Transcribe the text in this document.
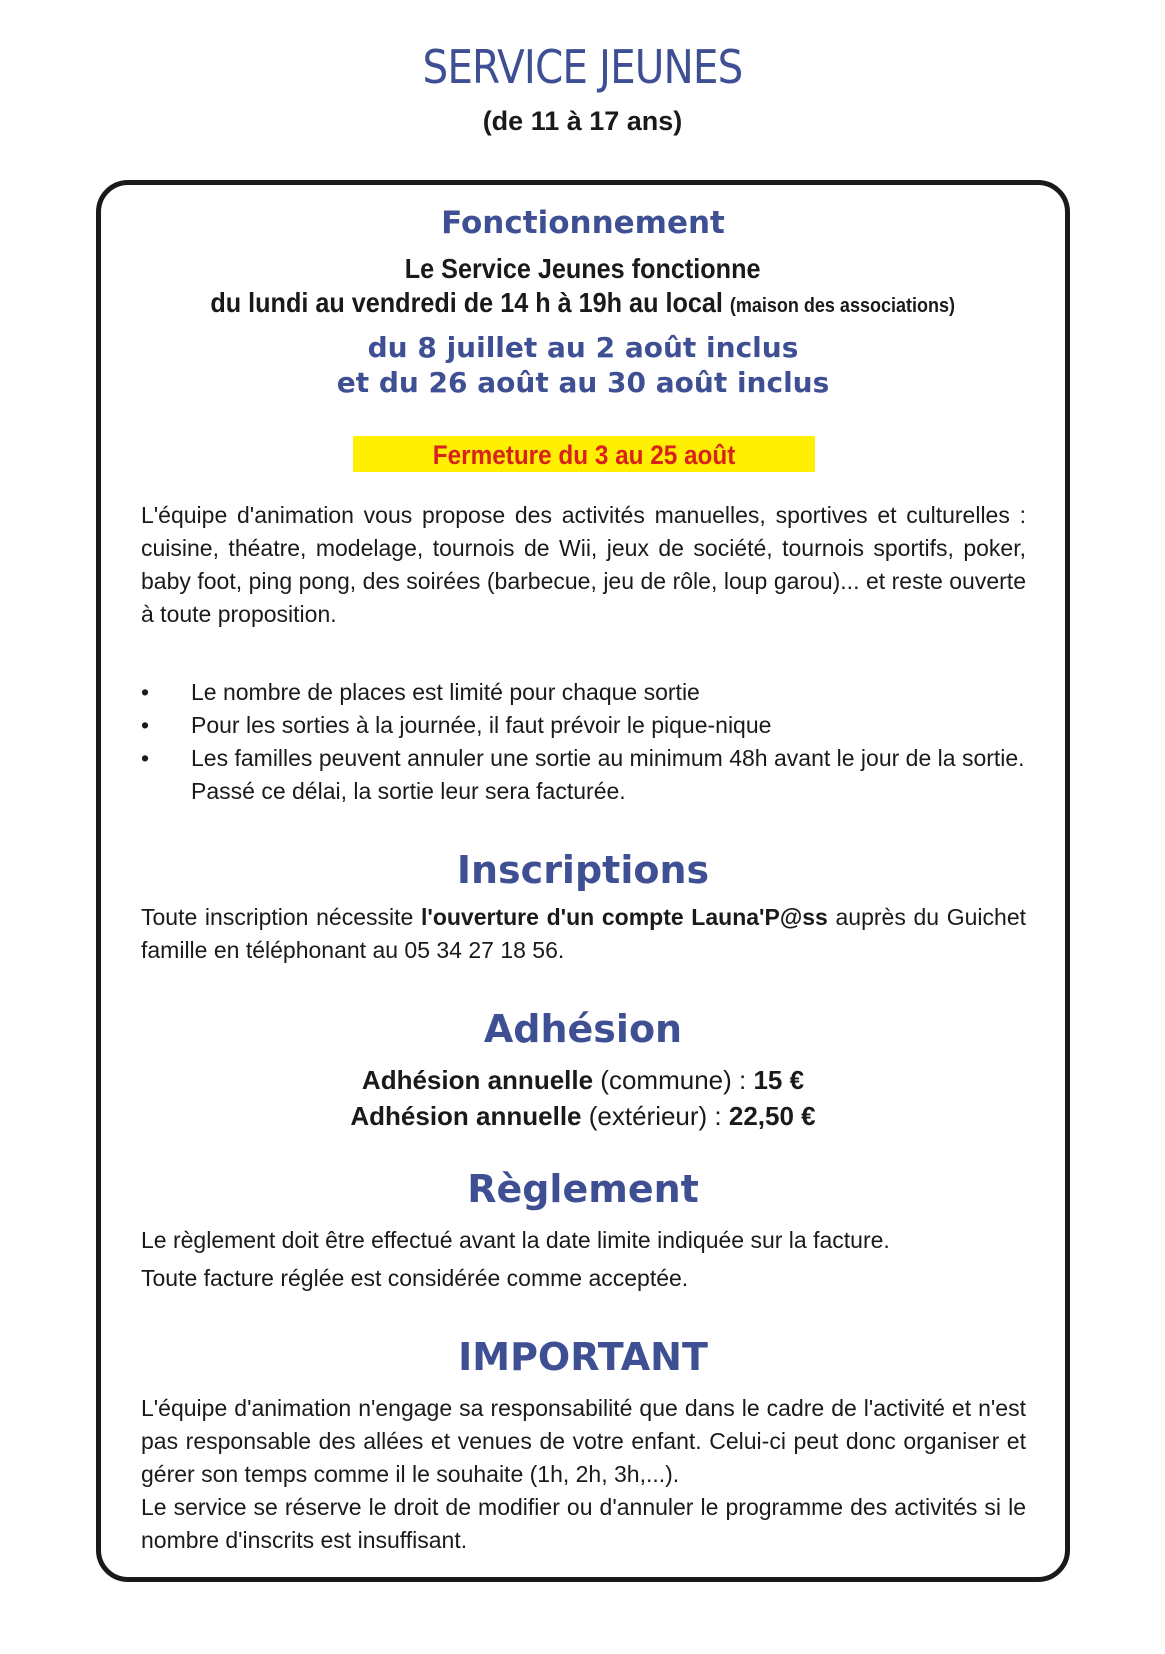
SERVICE JEUNES
(de 11 à 17 ans)
Fonctionnement
Le Service Jeunes fonctionne
du lundi au vendredi de 14 h à 19h au local (maison des associations)
du 8 juillet au 2 août inclus
et du 26 août au 30 août inclus
Fermeture du 3 au 25 août
L'équipe d'animation vous propose des activités manuelles, sportives et culturelles : cuisine, théatre, modelage, tournois de Wii, jeux de société, tournois sportifs, poker, baby foot, ping pong, des soirées (barbecue, jeu de rôle, loup garou)... et reste ouverte à toute proposition.
• Le nombre de places est limité pour chaque sortie
• Pour les sorties à la journée, il faut prévoir le pique-nique
• Les familles peuvent annuler une sortie au minimum 48h avant le jour de la sortie. Passé ce délai, la sortie leur sera facturée.
Inscriptions
Toute inscription nécessite l'ouverture d'un compte Launa'P@ss auprès du Guichet famille en téléphonant au 05 34 27 18 56.
Adhésion
Adhésion annuelle (commune) : 15 €
Adhésion annuelle (extérieur) : 22,50 €
Règlement
Le règlement doit être effectué avant la date limite indiquée sur la facture.
Toute facture réglée est considérée comme acceptée.
IMPORTANT
L'équipe d'animation n'engage sa responsabilité que dans le cadre de l'activité et n'est pas responsable des allées et venues de votre enfant. Celui-ci peut donc organiser et gérer son temps comme il le souhaite (1h, 2h, 3h,...).
Le service se réserve le droit de modifier ou d'annuler le programme des activités si le nombre d'inscrits est insuffisant.
